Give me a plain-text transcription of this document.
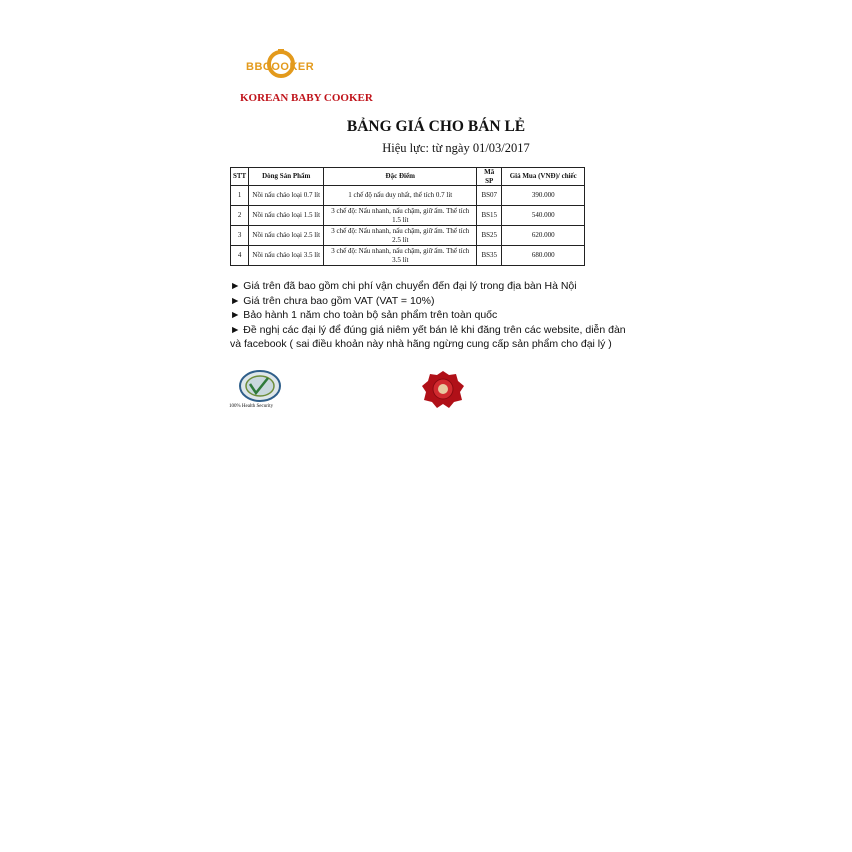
BBCOOKER
KOREAN BABY COOKER
BẢNG GIÁ CHO BÁN LẺ
Hiệu lực: từ ngày 01/03/2017
STT	Dòng Sản Phẩm	Đặc Điểm	Mã SP	Giá Mua (VNĐ)/ chiếc
1	Nồi nấu cháo loại 0.7 lít	1 chế độ nấu duy nhất, thể tích 0.7 lít	BS07	390.000
2	Nồi nấu cháo loại 1.5 lít	3 chế độ: Nấu nhanh, nấu chậm, giữ ấm. Thể tích 1.5 lít	BS15	540.000
3	Nồi nấu cháo loại 2.5 lít	3 chế độ: Nấu nhanh, nấu chậm, giữ ấm. Thể tích 2.5 lít	BS25	620.000
4	Nồi nấu cháo loại 3.5 lít	3 chế độ: Nấu nhanh, nấu chậm, giữ ấm. Thể tích 3.5 lít	BS35	680.000

► Giá trên đã bao gồm chi phí vận chuyển đến đại lý trong địa bàn Hà Nội

► Giá trên chưa bao gồm VAT (VAT = 10%)

► Bảo hành 1 năm cho toàn bộ sản phẩm trên toàn quốc

► Đề nghị các đại lý để đúng giá niêm yết bán lẻ khi đăng trên các website, diễn đàn và facebook ( sai điều khoản này nhà hãng ngừng cung cấp sản phẩm cho đại lý )

100% Health Security
